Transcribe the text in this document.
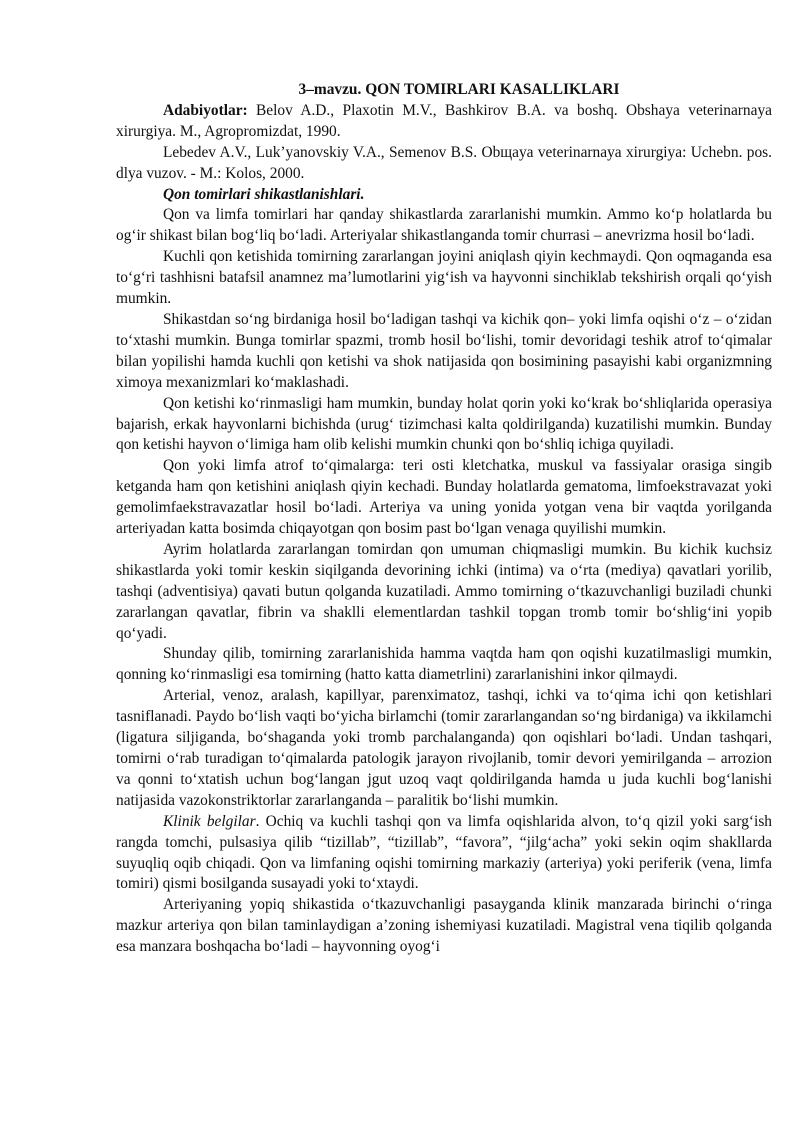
3–mavzu. QON TOMIRLARI KASALLIKLARI

Adabiyotlar: Belov A.D., Plaxotin M.V., Bashkirov B.A. va boshq. Obshaya veterinarnaya xirurgiya. M., Agropromizdat, 1990.

Lebedev A.V., Luk’yanovskiy V.A., Semenov B.S. Obщaya veterinarnaya xirurgiya: Uchebn. pos. dlya vuzov. - M.: Kolos, 2000.

Qon tomirlari shikastlanishlari.

Qon va limfa tomirlari har qanday shikastlarda zararlanishi mumkin. Ammo ko‘p holatlarda bu og‘ir shikast bilan bog‘liq bo‘ladi. Arteriyalar shikastlanganda tomir churrasi – anevrizma hosil bo‘ladi.

Kuchli qon ketishida tomirning zararlangan joyini aniqlash qiyin kechmaydi. Qon oqmaganda esa to‘g‘ri tashhisni batafsil anamnez ma’lumotlarini yig‘ish va hayvonni sinchiklab tekshirish orqali qo‘yish mumkin.

Shikastdan so‘ng birdaniga hosil bo‘ladigan tashqi va kichik qon– yoki limfa oqishi o‘z – o‘zidan to‘xtashi mumkin. Bunga tomirlar spazmi, tromb hosil bo‘lishi, tomir devoridagi teshik atrof to‘qimalar bilan yopilishi hamda kuchli qon ketishi va shok natijasida qon bosimining pasayishi kabi organizmning ximoya mexanizmlari ko‘maklashadi.

Qon ketishi ko‘rinmasligi ham mumkin, bunday holat qorin yoki ko‘krak bo‘shliqlarida operasiya bajarish, erkak hayvonlarni bichishda (urug‘ tizimchasi kalta qoldirilganda) kuzatilishi mumkin. Bunday qon ketishi hayvon o‘limiga ham olib kelishi mumkin chunki qon bo‘shliq ichiga quyiladi.

Qon yoki limfa atrof to‘qimalarga: teri osti kletchatka, muskul va fassiyalar orasiga singib ketganda ham qon ketishini aniqlash qiyin kechadi. Bunday holatlarda gematoma, limfoekstravazat yoki gemolimfaekstravazatlar hosil bo‘ladi. Arteriya va uning yonida yotgan vena bir vaqtda yorilganda arteriyadan katta bosimda chiqayotgan qon bosim past bo‘lgan venaga quyilishi mumkin.

Ayrim holatlarda zararlangan tomirdan qon umuman chiqmasligi mumkin. Bu kichik kuchsiz shikastlarda yoki tomir keskin siqilganda devorining ichki (intima) va o‘rta (mediya) qavatlari yorilib, tashqi (adventisiya) qavati butun qolganda kuzatiladi. Ammo tomirning o‘tkazuvchanligi buziladi chunki zararlangan qavatlar, fibrin va shaklli elementlardan tashkil topgan tromb tomir bo‘shlig‘ini yopib qo‘yadi.

Shunday qilib, tomirning zararlanishida hamma vaqtda ham qon oqishi kuzatilmasligi mumkin, qonning ko‘rinmasligi esa tomirning (hatto katta diametrlini) zararlanishini inkor qilmaydi.

Arterial, venoz, aralash, kapillyar, parenximatoz, tashqi, ichki va to‘qima ichi qon ketishlari tasniflanadi. Paydo bo‘lish vaqti bo‘yicha birlamchi (tomir zararlangandan so‘ng birdaniga) va ikkilamchi (ligatura siljiganda, bo‘shaganda yoki tromb parchalanganda) qon oqishlari bo‘ladi. Undan tashqari, tomirni o‘rab turadigan to‘qimalarda patologik jarayon rivojlanib, tomir devori yemirilganda – arrozion va qonni to‘xtatish uchun bog‘langan jgut uzoq vaqt qoldirilganda hamda u juda kuchli bog‘lanishi natijasida vazokonstriktorlar zararlanganda – paralitik bo‘lishi mumkin.

Klinik belgilar. Ochiq va kuchli tashqi qon va limfa oqishlarida alvon, to‘q qizil yoki sarg‘ish rangda tomchi, pulsasiya qilib “tizillab”, “tizillab”, “favora”, “jilg‘acha” yoki sekin oqim shakllarda suyuqliq oqib chiqadi. Qon va limfaning oqishi tomirning markaziy (arteriya) yoki periferik (vena, limfa tomiri) qismi bosilganda susayadi yoki to‘xtaydi.

Arteriyaning yopiq shikastida o‘tkazuvchanligi pasayganda klinik manzarada birinchi o‘ringa mazkur arteriya qon bilan taminlaydigan a’zoning ishemiyasi kuzatiladi. Magistral vena tiqilib qolganda esa manzara boshqacha bo‘ladi – hayvonning oyog‘i
